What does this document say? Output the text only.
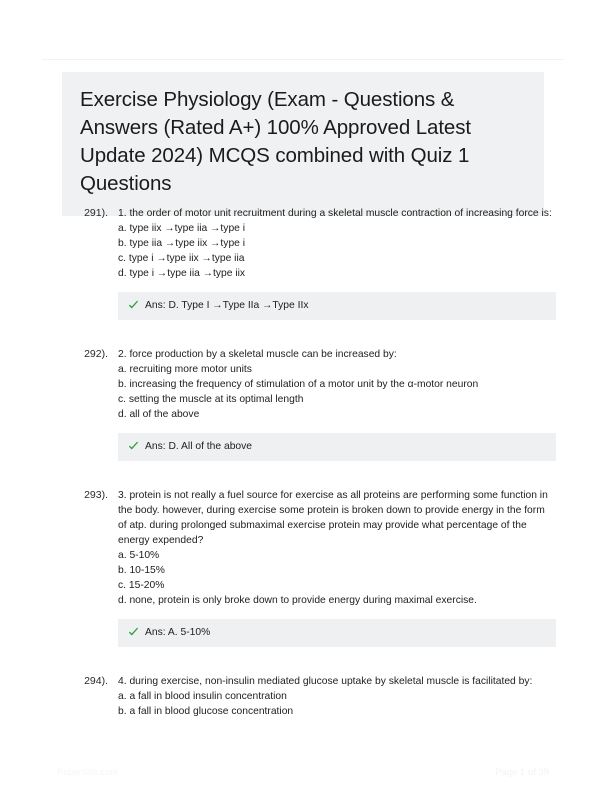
Exercise Physiology (Exam - Questions & Answers (Rated A+) 100% Approved Latest Update 2024) MCQS combined with Quiz 1 Questions
291). 1. the order of motor unit recruitment during a skeletal muscle contraction of increasing force is:

a. type iix →type iia →type i

b. type iia →type iix →type i

c. type i →type iix →type iia

d. type i →type iia →type iix

Ans: D. Type I →Type IIa →Type IIx
292). 2. force production by a skeletal muscle can be increased by:

a. recruiting more motor units

b. increasing the frequency of stimulation of a motor unit by the α-motor neuron

c. setting the muscle at its optimal length

d. all of the above

Ans: D. All of the above
293). 3. protein is not really a fuel source for exercise as all proteins are performing some function in the body. however, during exercise some protein is broken down to provide energy in the form of atp. during prolonged submaximal exercise protein may provide what percentage of the energy expended?

a. 5-10%

b. 10-15%

c. 15-20%

d. none, protein is only broke down to provide energy during maximal exercise.

Ans: A. 5-10%
294). 4. during exercise, non-insulin mediated glucose uptake by skeletal muscle is facilitated by:

a. a fall in blood insulin concentration

b. a fall in blood glucose concentration

PaperStic.com	Page 1 of 39
